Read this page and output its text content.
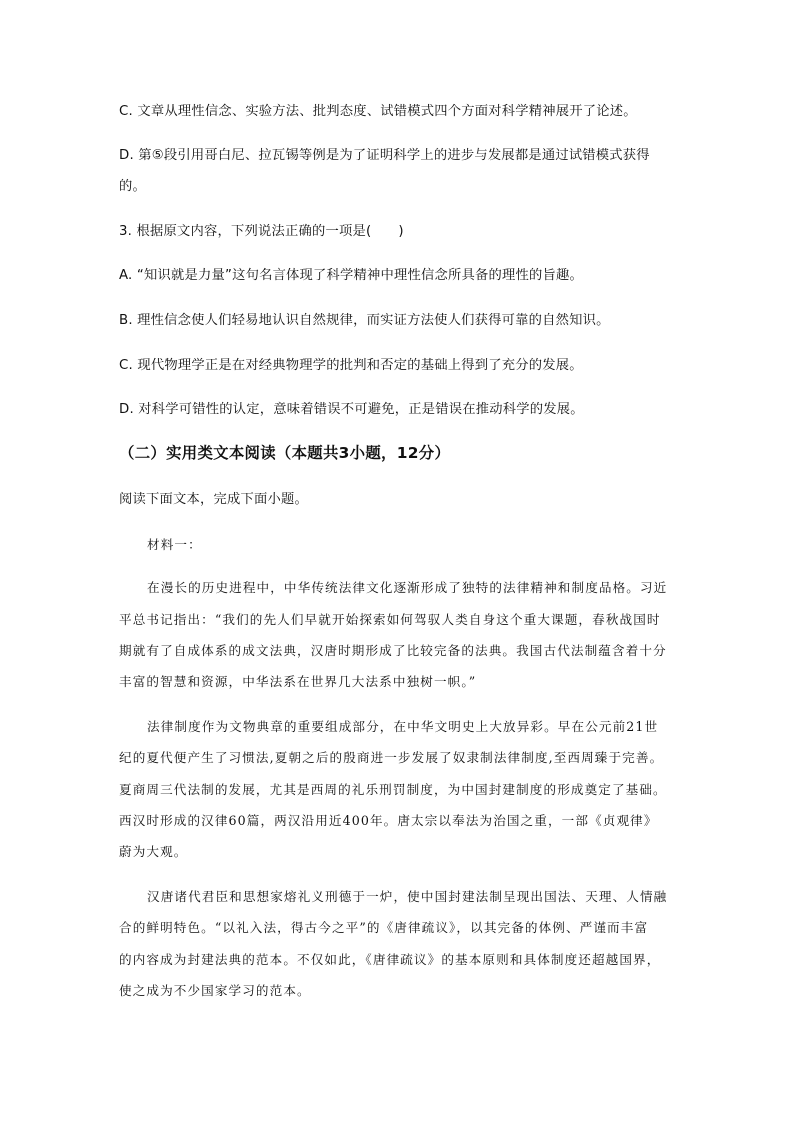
C. 文章从理性信念、实验方法、批判态度、试错模式四个方面对科学精神展开了论述。
D. 第⑤段引用哥白尼、拉瓦锡等例是为了证明科学上的进步与发展都是通过试错模式获得
的。
3. 根据原文内容，下列说法正确的一项是(　　)
A. “知识就是力量”这句名言体现了科学精神中理性信念所具备的理性的旨趣。
B. 理性信念使人们轻易地认识自然规律，而实证方法使人们获得可靠的自然知识。
C. 现代物理学正是在对经典物理学的批判和否定的基础上得到了充分的发展。
D. 对科学可错性的认定，意味着错误不可避免，正是错误在推动科学的发展。
（二）实用类文本阅读（本题共3小题，12分）
阅读下面文本，完成下面小题。
材料一：
在漫长的历史进程中，中华传统法律文化逐渐形成了独特的法律精神和制度品格。习近
平总书记指出：“我们的先人们早就开始探索如何驾驭人类自身这个重大课题，春秋战国时
期就有了自成体系的成文法典，汉唐时期形成了比较完备的法典。我国古代法制蕴含着十分
丰富的智慧和资源，中华法系在世界几大法系中独树一帜。”
法律制度作为文物典章的重要组成部分，在中华文明史上大放异彩。早在公元前21世
纪的夏代便产生了习惯法,夏朝之后的殷商进一步发展了奴隶制法律制度,至西周臻于完善。
夏商周三代法制的发展，尤其是西周的礼乐刑罚制度，为中国封建制度的形成奠定了基础。
西汉时形成的汉律60篇，两汉沿用近400年。唐太宗以奉法为治国之重，一部《贞观律》
蔚为大观。
汉唐诸代君臣和思想家熔礼义刑德于一炉，使中国封建法制呈现出国法、天理、人情融
合的鲜明特色。“以礼入法，得古今之平”的《唐律疏议》，以其完备的体例、严谨而丰富
的内容成为封建法典的范本。不仅如此，《唐律疏议》的基本原则和具体制度还超越国界，
使之成为不少国家学习的范本。
